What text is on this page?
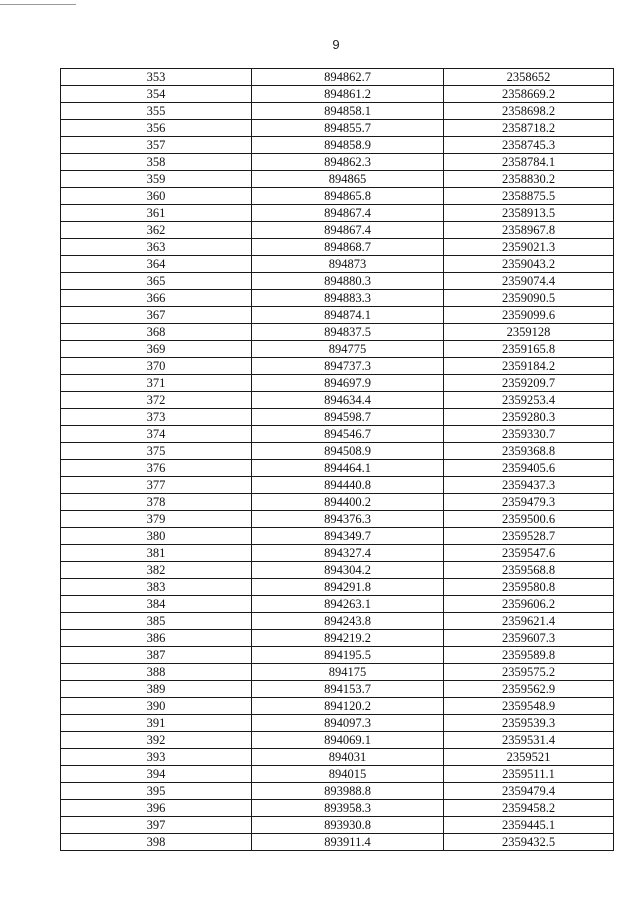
9
353	894862.7	2358652
354	894861.2	2358669.2
355	894858.1	2358698.2
356	894855.7	2358718.2
357	894858.9	2358745.3
358	894862.3	2358784.1
359	894865	2358830.2
360	894865.8	2358875.5
361	894867.4	2358913.5
362	894867.4	2358967.8
363	894868.7	2359021.3
364	894873	2359043.2
365	894880.3	2359074.4
366	894883.3	2359090.5
367	894874.1	2359099.6
368	894837.5	2359128
369	894775	2359165.8
370	894737.3	2359184.2
371	894697.9	2359209.7
372	894634.4	2359253.4
373	894598.7	2359280.3
374	894546.7	2359330.7
375	894508.9	2359368.8
376	894464.1	2359405.6
377	894440.8	2359437.3
378	894400.2	2359479.3
379	894376.3	2359500.6
380	894349.7	2359528.7
381	894327.4	2359547.6
382	894304.2	2359568.8
383	894291.8	2359580.8
384	894263.1	2359606.2
385	894243.8	2359621.4
386	894219.2	2359607.3
387	894195.5	2359589.8
388	894175	2359575.2
389	894153.7	2359562.9
390	894120.2	2359548.9
391	894097.3	2359539.3
392	894069.1	2359531.4
393	894031	2359521
394	894015	2359511.1
395	893988.8	2359479.4
396	893958.3	2359458.2
397	893930.8	2359445.1
398	893911.4	2359432.5
